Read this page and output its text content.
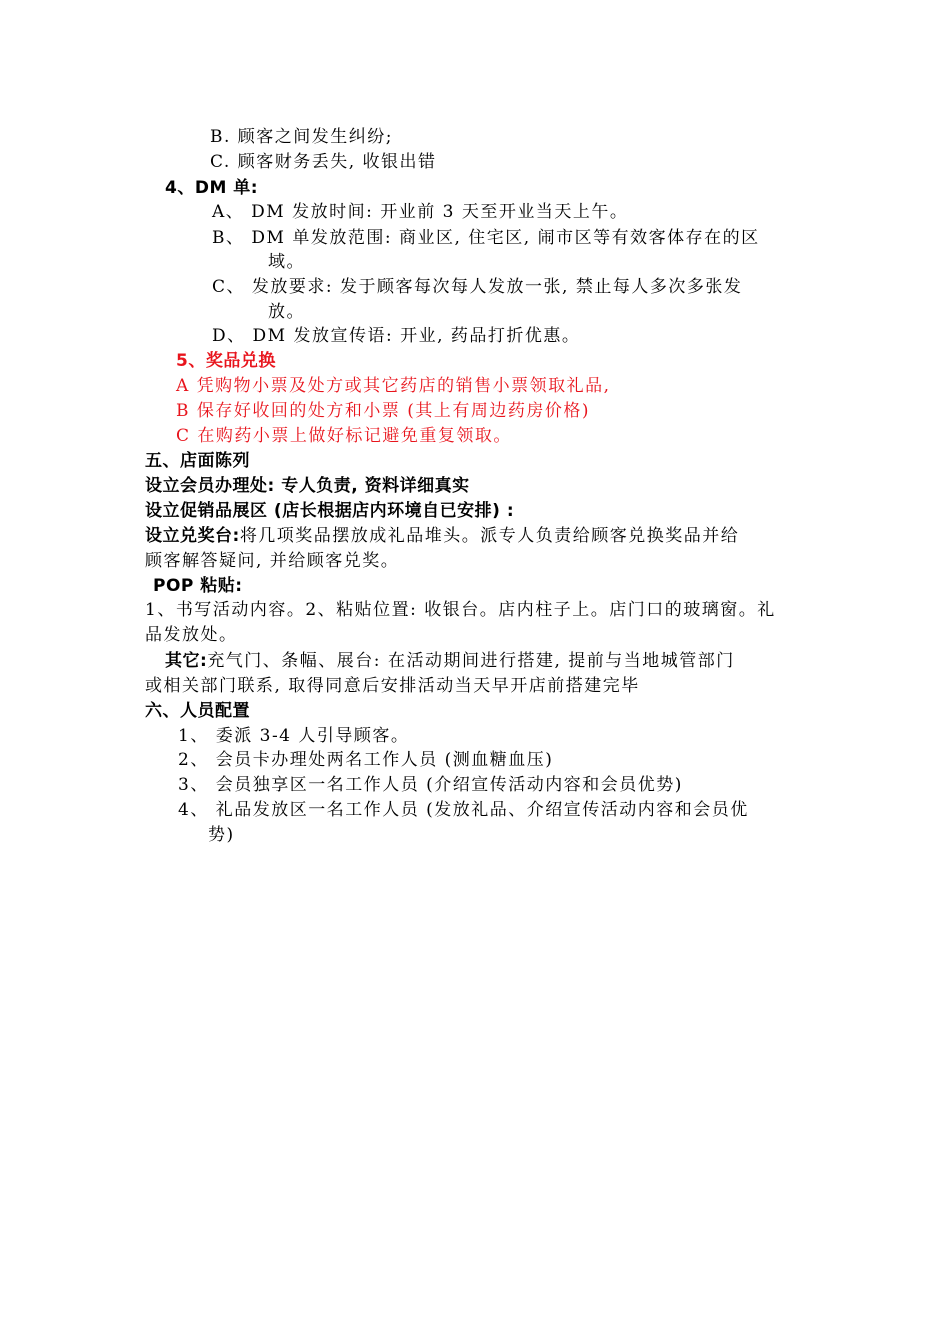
B. 顾客之间发生纠纷;
C. 顾客财务丢失, 收银出错
4、DM 单:
A、 DM 发放时间: 开业前 3 天至开业当天上午。
B、 DM 单发放范围: 商业区, 住宅区, 闹市区等有效客体存在的区
域。
C、 发放要求: 发于顾客每次每人发放一张, 禁止每人多次多张发
放。
D、 DM 发放宣传语: 开业, 药品打折优惠。
5、奖品兑换
A 凭购物小票及处方或其它药店的销售小票领取礼品,
B 保存好收回的处方和小票 (其上有周边药房价格)
C 在购药小票上做好标记避免重复领取。
五、店面陈列
设立会员办理处: 专人负责, 资料详细真实
设立促销品展区 (店长根据店内环境自已安排) :
设立兑奖台:将几项奖品摆放成礼品堆头。派专人负责给顾客兑换奖品并给
顾客解答疑问, 并给顾客兑奖。
POP 粘贴:
1、书写活动内容。2、粘贴位置: 收银台。店内柱子上。店门口的玻璃窗。礼
品发放处。
其它:充气门、条幅、展台: 在活动期间进行搭建, 提前与当地城管部门
或相关部门联系, 取得同意后安排活动当天早开店前搭建完毕
六、人员配置
1、 委派 3-4 人引导顾客。
2、 会员卡办理处两名工作人员 (测血糖血压)
3、 会员独享区一名工作人员 (介绍宣传活动内容和会员优势)
4、 礼品发放区一名工作人员 (发放礼品、介绍宣传活动内容和会员优
势)
